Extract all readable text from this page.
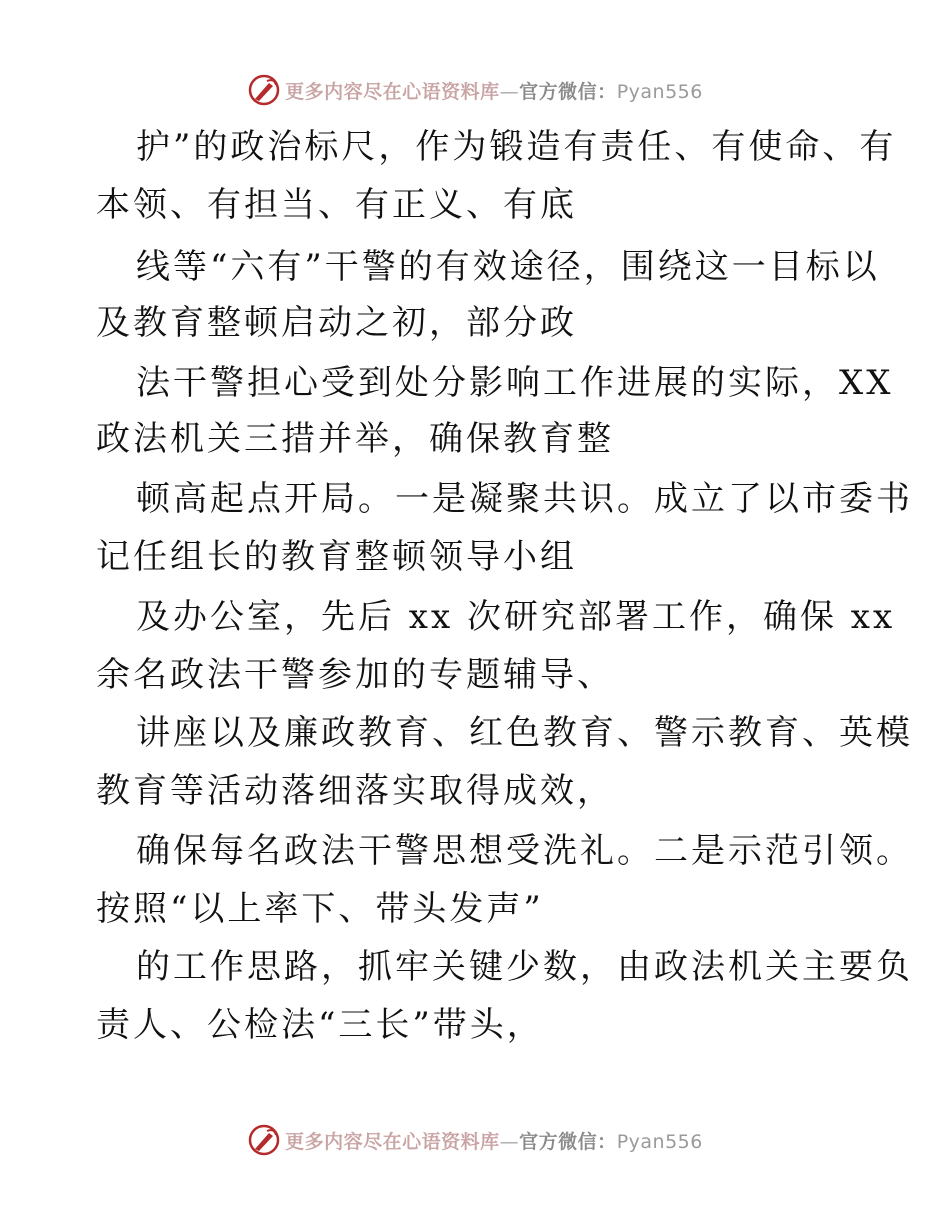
更多内容尽在心语资料库—官方微信：Pyan556
护”的政治标尺，作为锻造有责任、有使命、有
本领、有担当、有正义、有底
线等“六有”干警的有效途径，围绕这一目标以
及教育整顿启动之初，部分政
法干警担心受到处分影响工作进展的实际，XX
政法机关三措并举，确保教育整
顿高起点开局。一是凝聚共识。成立了以市委书
记任组长的教育整顿领导小组
及办公室，先后 xx 次研究部署工作，确保 xx
余名政法干警参加的专题辅导、
讲座以及廉政教育、红色教育、警示教育、英模
教育等活动落细落实取得成效，
确保每名政法干警思想受洗礼。二是示范引领。
按照“以上率下、带头发声”
的工作思路，抓牢关键少数，由政法机关主要负
责人、公检法“三长”带头，
更多内容尽在心语资料库—官方微信：Pyan556
